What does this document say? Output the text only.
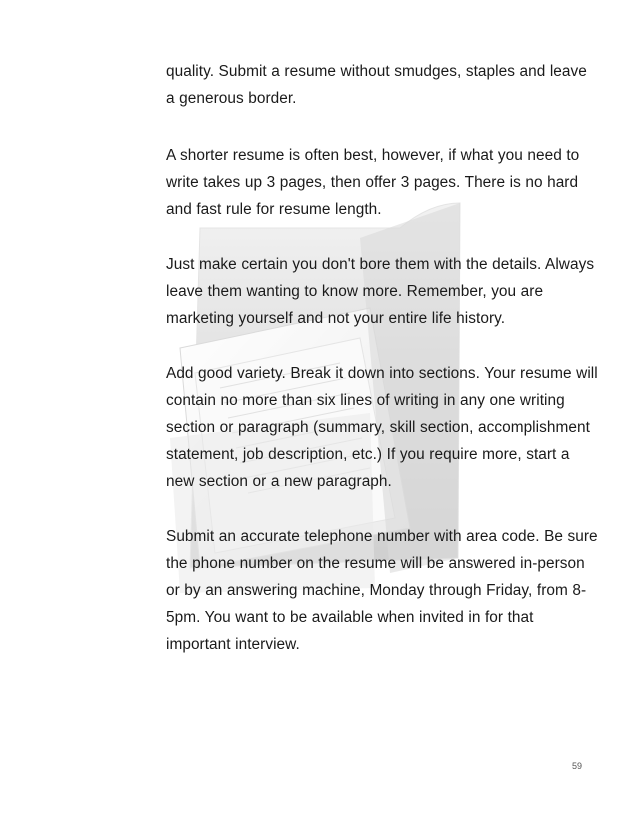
quality. Submit a resume without smudges, staples and leave a generous border.

A shorter resume is often best, however, if what you need to write takes up 3 pages, then offer 3 pages. There is no hard and fast rule for resume length.

Just make certain you don't bore them with the details. Always leave them wanting to know more. Remember, you are marketing yourself and not your entire life history.

Add good variety. Break it down into sections. Your resume will contain no more than six lines of writing in any one writing section or paragraph (summary, skill section, accomplishment statement, job description, etc.) If you require more, start a new section or a new paragraph.

Submit an accurate telephone number with area code. Be sure the phone number on the resume will be answered in-person or by an answering machine, Monday through Friday, from 8-5pm. You want to be available when invited in for that important interview.

59
